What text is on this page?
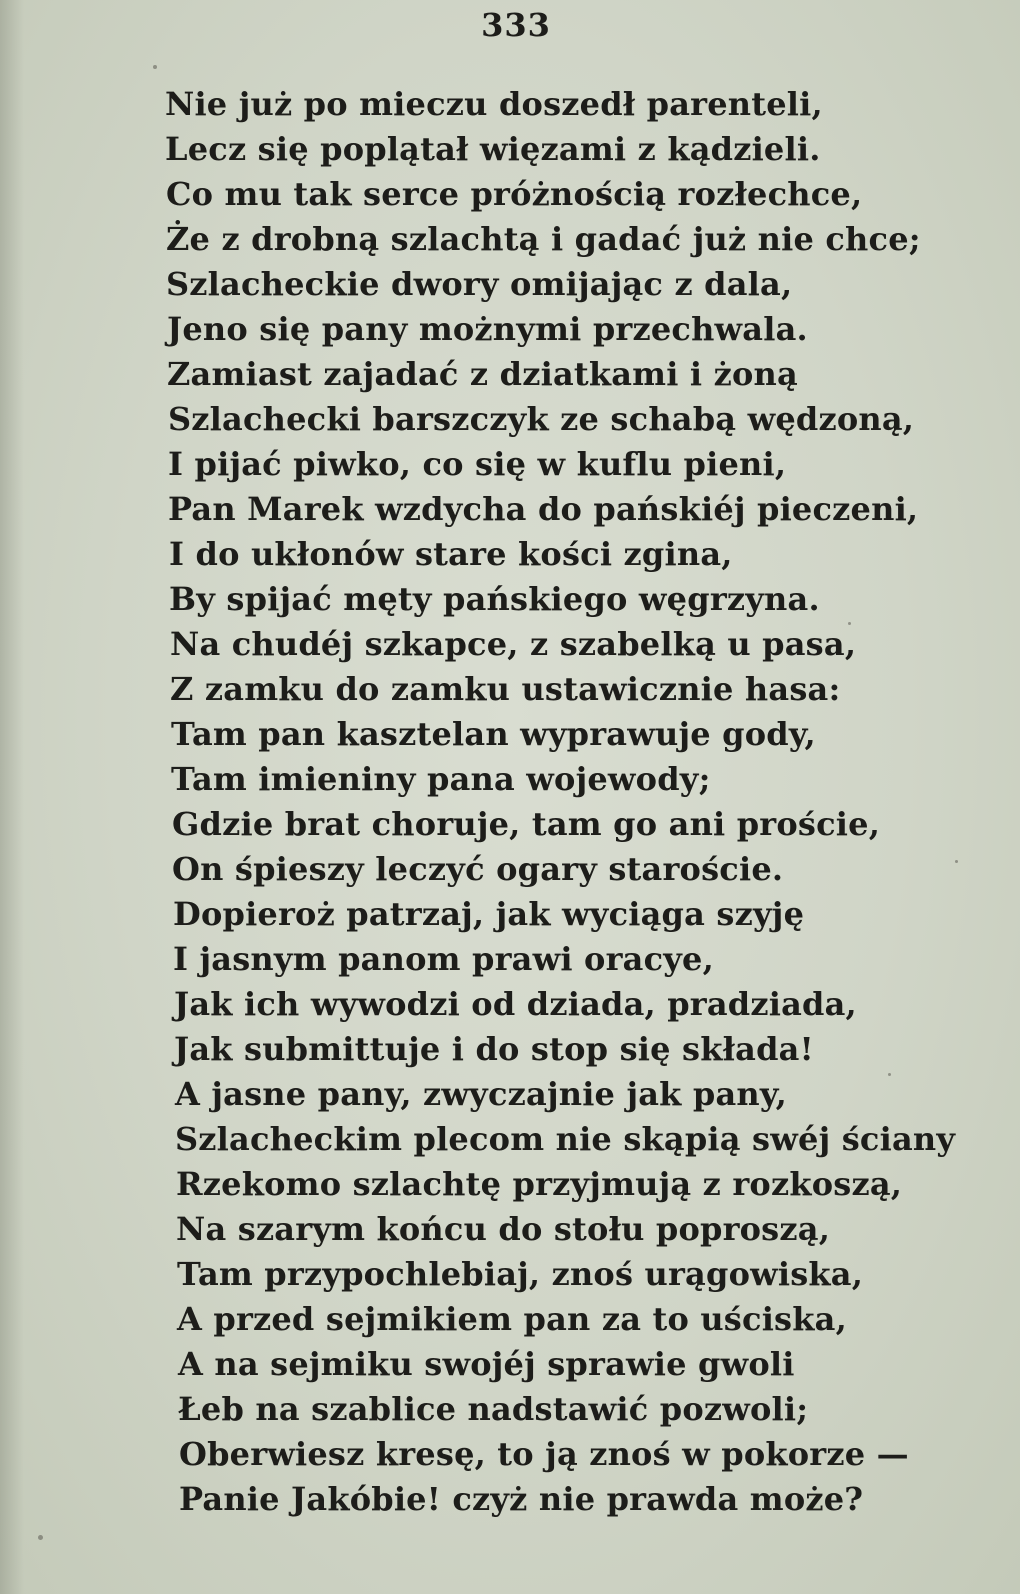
333
Nie już po mieczu doszedł parenteli,
Lecz się poplątał więzami z kądzieli.
Co mu tak serce próżnością rozłechce,
Że z drobną szlachtą i gadać już nie chce;
Szlacheckie dwory omijając z dala,
Jeno się pany możnymi przechwala.
Zamiast zajadać z dziatkami i żoną
Szlachecki barszczyk ze schabą wędzoną,
I pijać piwko, co się w kuflu pieni,
Pan Marek wzdycha do pańskiéj pieczeni,
I do ukłonów stare kości zgina,
By spijać męty pańskiego węgrzyna.
Na chudéj szkapce, z szabelką u pasa,
Z zamku do zamku ustawicznie hasa:
Tam pan kasztelan wyprawuje gody,
Tam imieniny pana wojewody;
Gdzie brat choruje, tam go ani proście,
On śpieszy leczyć ogary staroście.
Dopieroż patrzaj, jak wyciąga szyję
I jasnym panom prawi oracye,
Jak ich wywodzi od dziada, pradziada,
Jak submittuje i do stop się składa!
A jasne pany, zwyczajnie jak pany,
Szlacheckim plecom nie skąpią swéj ściany
Rzekomo szlachtę przyjmują z rozkoszą,
Na szarym końcu do stołu poproszą,
Tam przypochlebiaj, znoś urągowiska,
A przed sejmikiem pan za to uściska,
A na sejmiku swojéj sprawie gwoli
Łeb na szablice nadstawić pozwoli;
Oberwiesz kresę, to ją znoś w pokorze —
Panie Jakóbie! czyż nie prawda może?
